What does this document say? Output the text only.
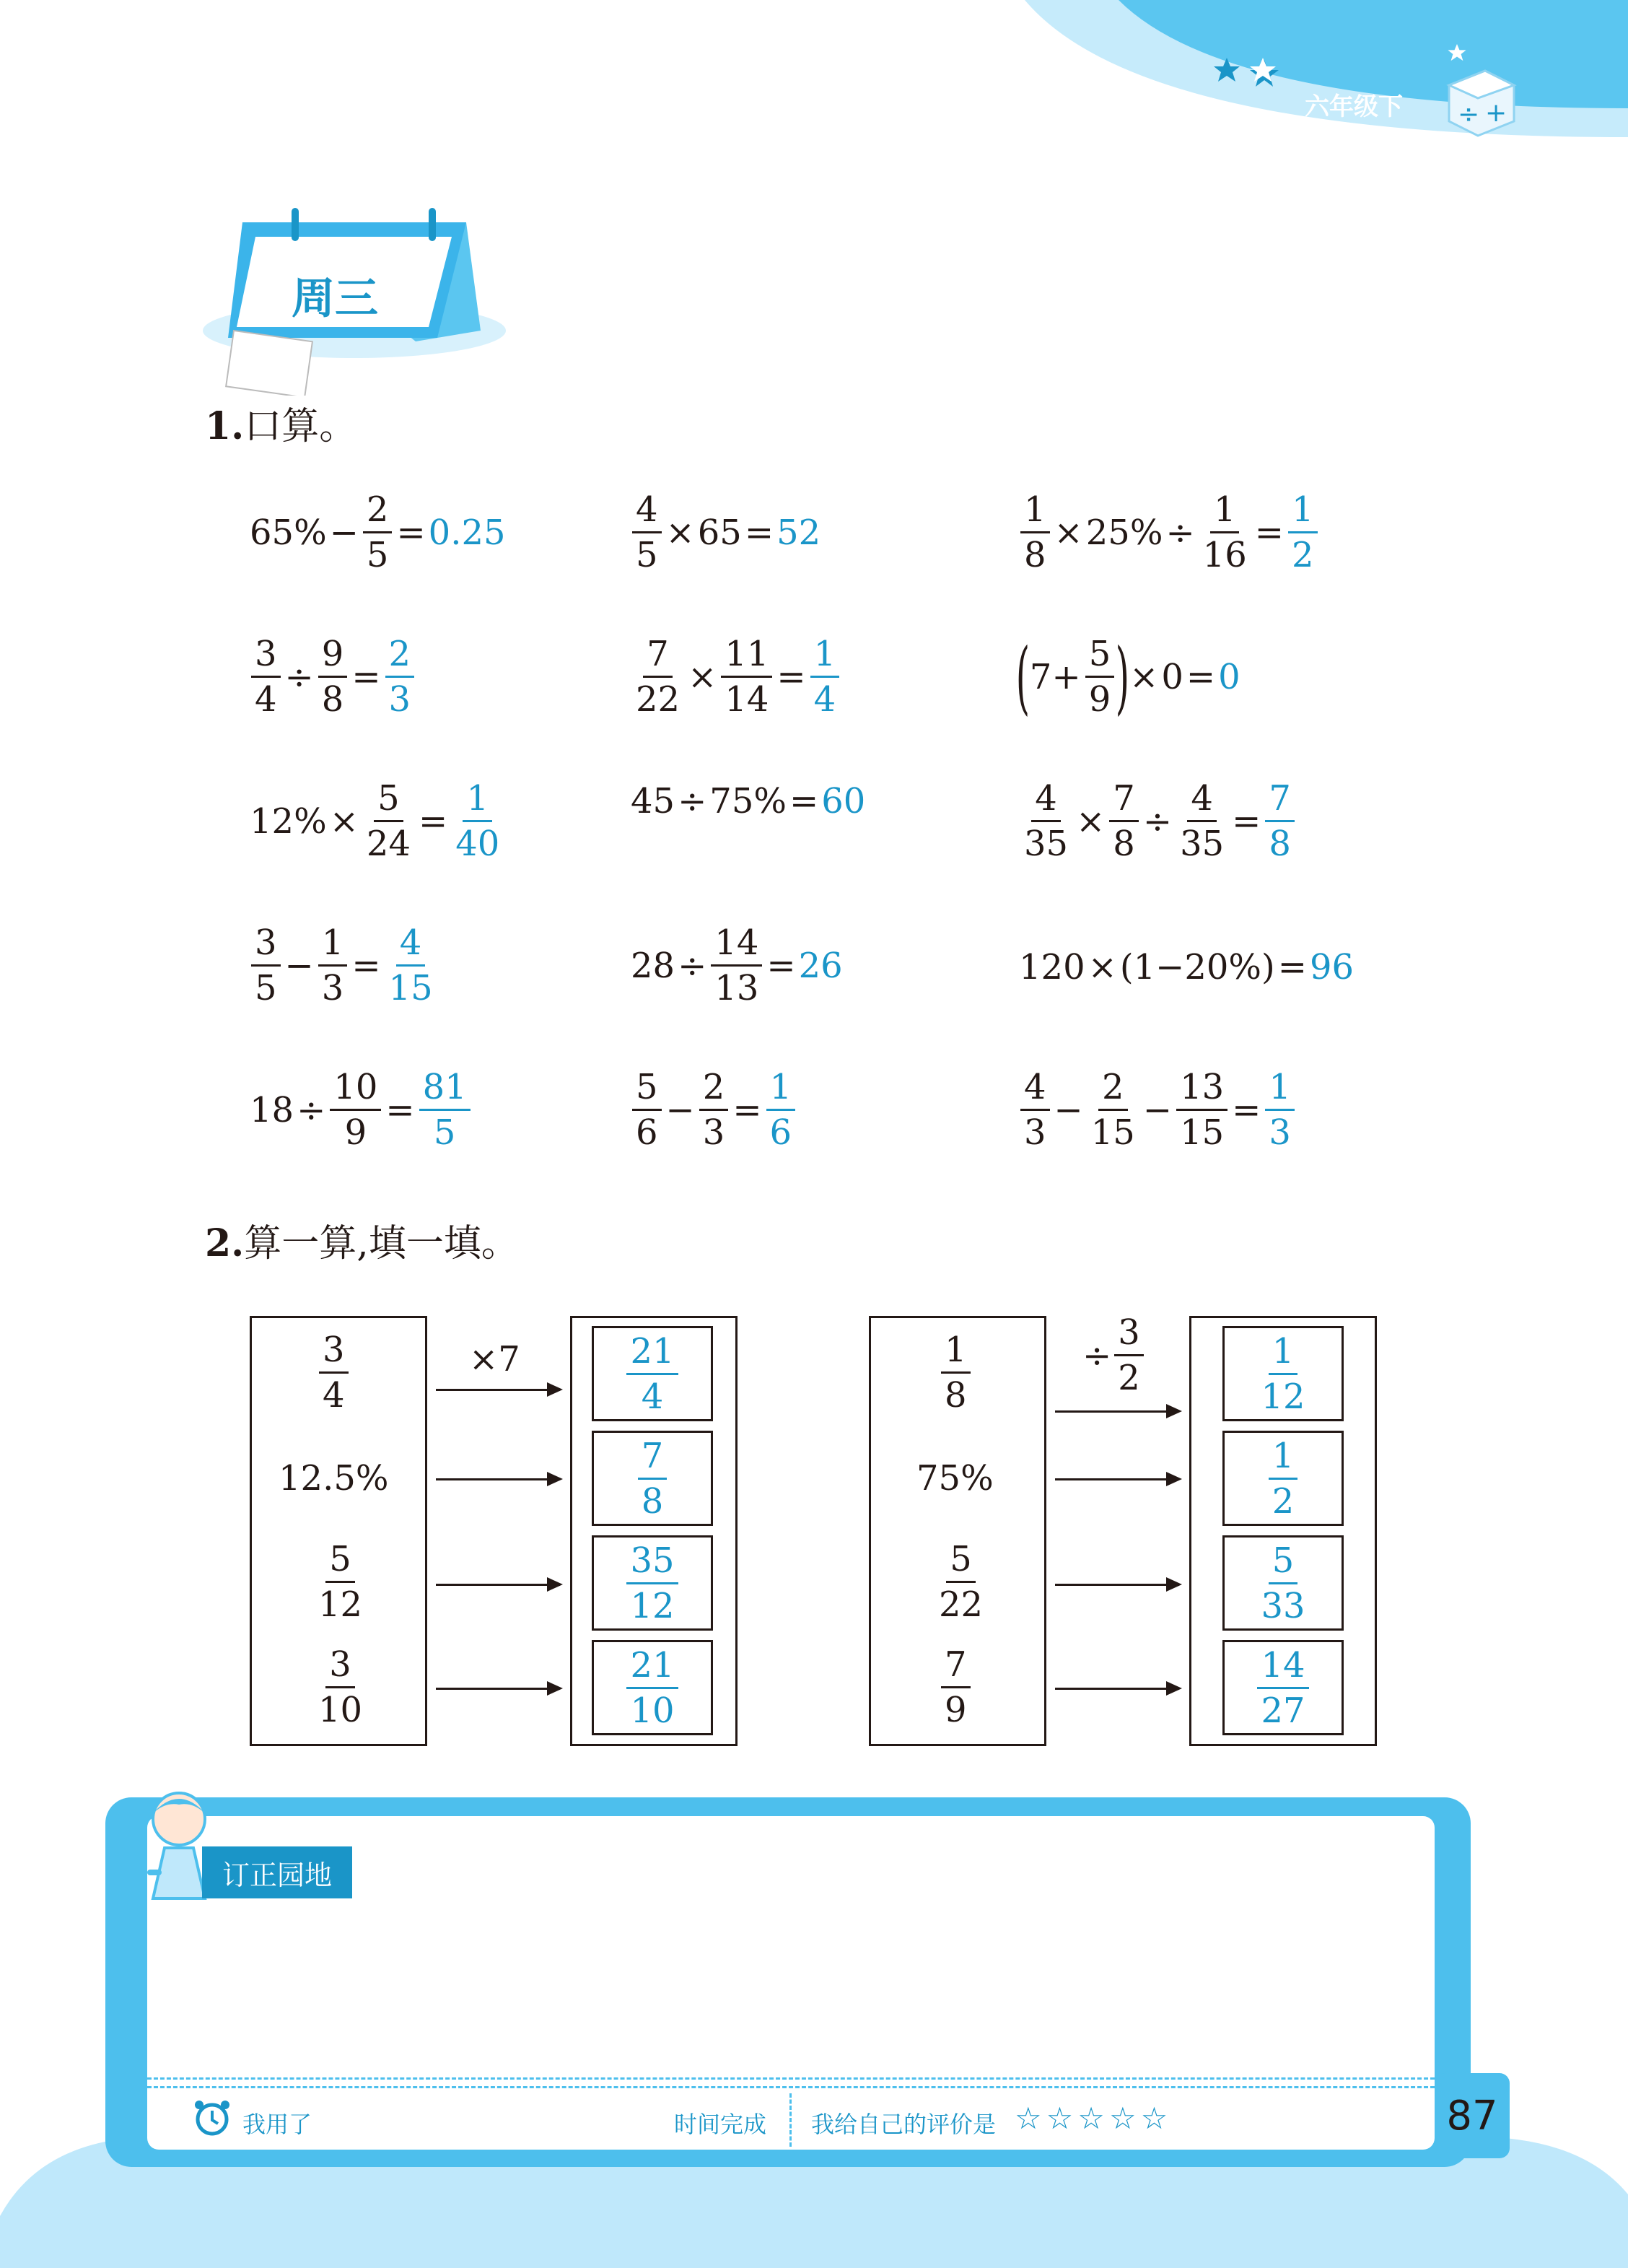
六年级下 ÷ +
周三
1.口算。
$65\% - \frac{2}{5} = 0.25$	$\frac{4}{5} \times 65 = 52$	$\frac{1}{8} \times 25\% \div \frac{1}{16} = \frac{1}{2}$
$\frac{3}{4} \div \frac{9}{8} = \frac{2}{3}$	$\frac{7}{22} \times \frac{11}{14} = \frac{1}{4}$ ( $7+ \frac{5}{9}$ ) × 0 = 0
$12\% \times \frac{5}{24} = \frac{1}{40}$	45 ÷ 75% = 60	$\frac{4}{35} \times \frac{7}{8} \div \frac{4}{35} = \frac{7}{8}$
$\frac{3}{5} - \frac{1}{3} = \frac{4}{15}$	$28 \div \frac{14}{13} = 26$	120 × (1−20%) = 96
$18 \div \frac{10}{9} = \frac{81}{5}$	$\frac{5}{6} - \frac{2}{3} = \frac{1}{6}$	$\frac{4}{3} - \frac{2}{15} - \frac{13}{15} = \frac{1}{3}$
2.算一算,填一填。
$\frac{3}{4}$
12.5%
$\frac{5}{12}$
$\frac{3}{10}$
×7	$\frac{21}{4}$
$\frac{7}{8}$
$\frac{35}{12}$
$\frac{21}{10}$
$\frac{1}{8}$
75%
$\frac{5}{22}$
$\frac{7}{9}$
÷ $\frac{3}{2}$	$\frac{1}{12}$
$\frac{1}{2}$
$\frac{5}{33}$
$\frac{14}{27}$
订正园地
我用了	时间完成 我给自己的评价是 ☆☆☆☆☆	87
